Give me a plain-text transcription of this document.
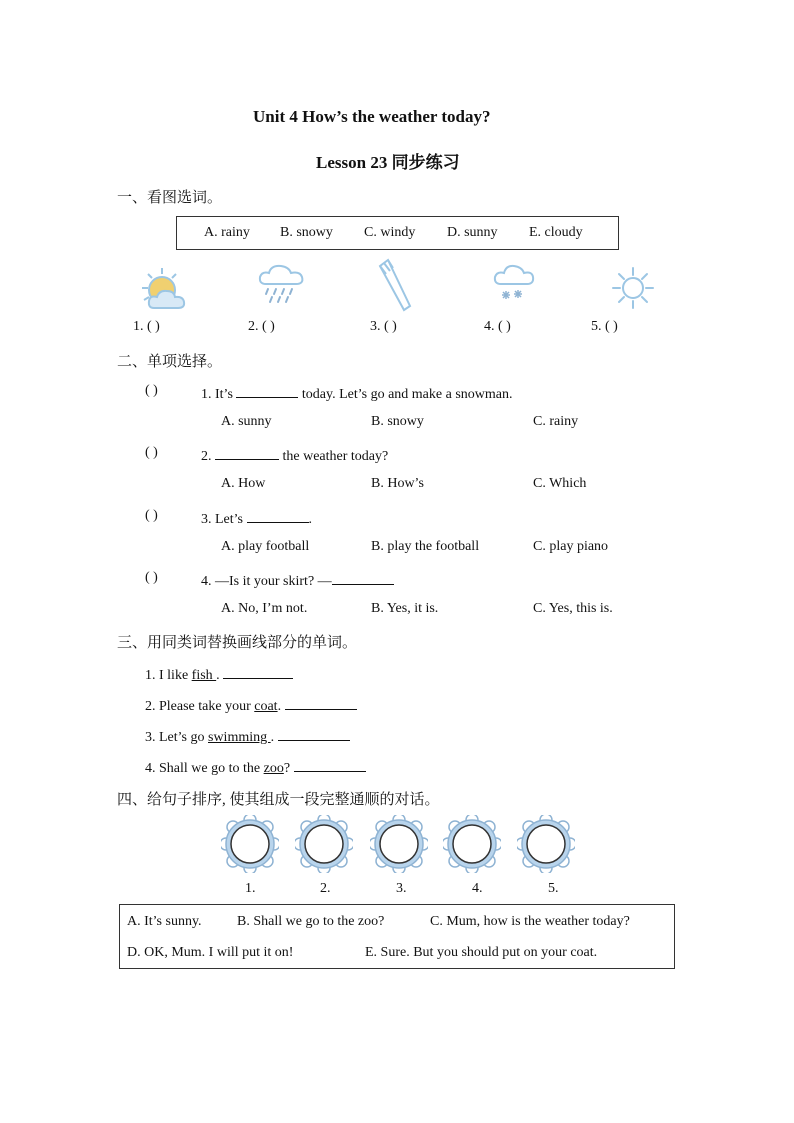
Unit 4 How’s the weather today?
Lesson 23 同步练习
一、看图选词。
A. rainy B. snowy C. windy D. sunny E. cloudy
1. ( )	2. ( )	3. ( )	4. ( )	5. ( )
二、单项选择。
( )	1. It’s	today. Let’s go and make a snowman.
A. sunny	B. snowy	C. rainy
( )	2.	the weather today?
A. How	B. How’s	C. Which
( )	3. Let’s	.
A. play football	B. play the football	C. play piano
( )	4. —Is it your skirt? —
A. No, I’m not.	B. Yes, it is.	C. Yes, this is.
三、用同类词替换画线部分的单词。
1. I like fish .
2. Please take your coat.
3. Let’s go swimming .
4. Shall we go to the zoo?
四、给句子排序, 使其组成一段完整通顺的对话。
1.	2.	3.	4.	5.
A. It’s sunny.	B. Shall we go to the zoo?	C. Mum, how is the weather today?
D. OK, Mum. I will put it on!	E. Sure. But you should put on your coat.
